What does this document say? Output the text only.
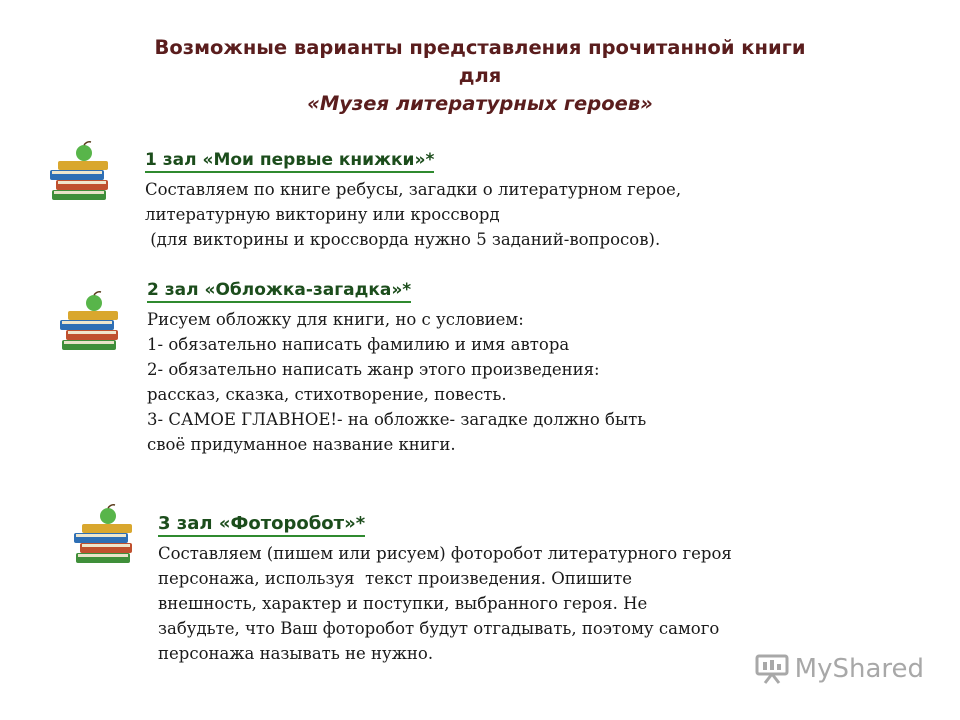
Возможные варианты представления прочитанной книги
для
«Музея литературных героев»
1 зал «Мои первые книжки»*
Составляем по книге ребусы, загадки о литературном герое,
литературную викторину или кроссворд
(для викторины и кроссворда нужно 5 заданий-вопросов).
2 зал «Обложка-загадка»*
Рисуем обложку для книги, но с условием:
1- обязательно написать фамилию и имя автора
2- обязательно написать жанр этого произведения:
рассказ, сказка, стихотворение, повесть.
3- САМОЕ ГЛАВНОЕ!- на обложке- загадке должно быть
своё придуманное название книги.
3 зал «Фоторобот»*
Составляем (пишем или рисуем) фоторобот литературного героя
персонажа, используя  текст произведения. Опишите
внешность, характер и поступки, выбранного героя. Не
забудьте, что Ваш фоторобот будут отгадывать, поэтому самого
персонажа называть не нужно.
MyShared
